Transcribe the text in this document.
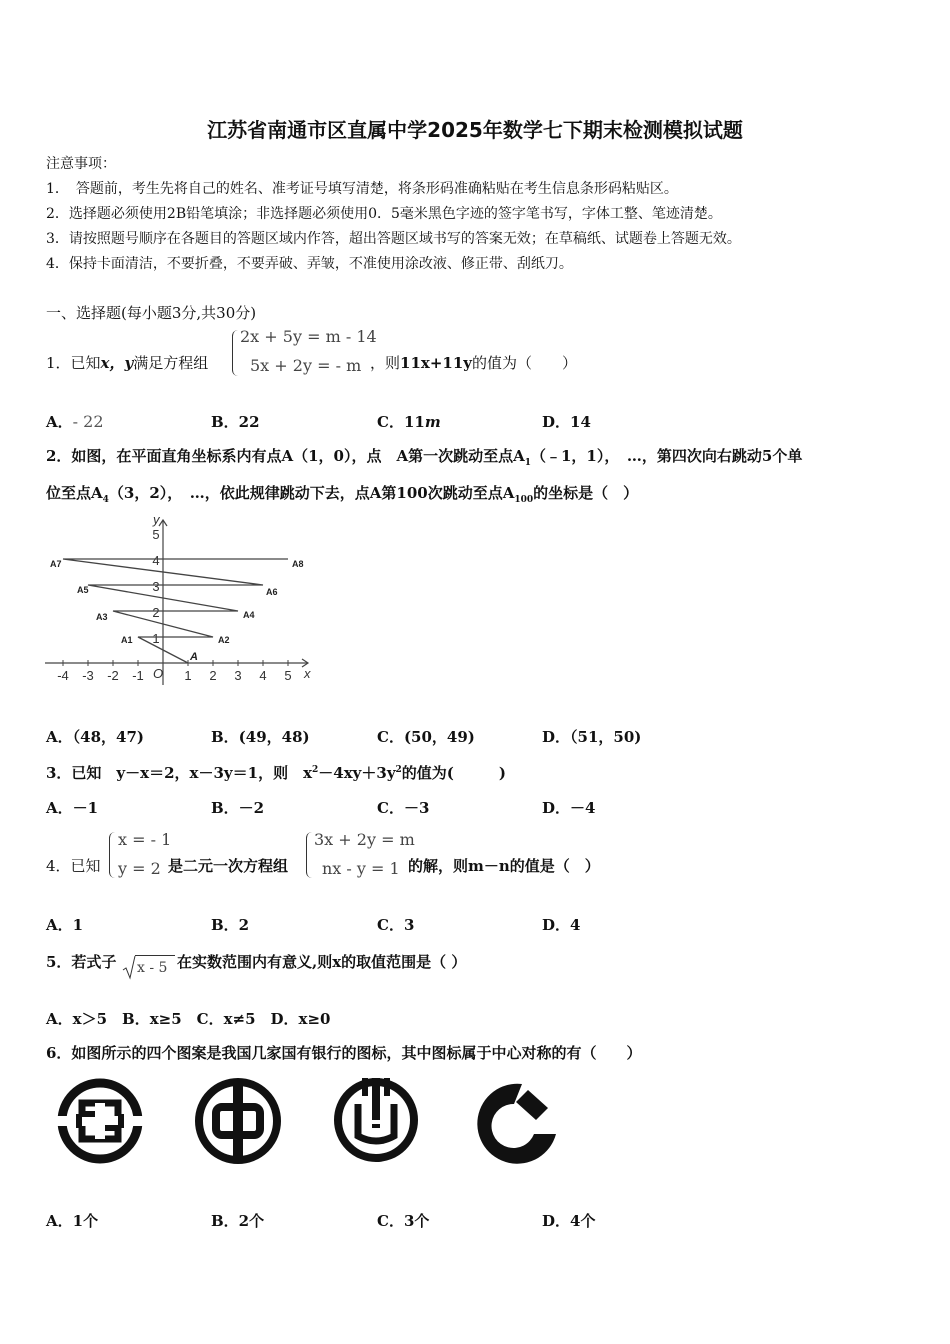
江苏省南通市区直属中学2025年数学七下期末检测模拟试题
注意事项：
1．　答题前，考生先将自己的姓名、准考证号填写清楚，将条形码准确粘贴在考生信息条形码粘贴区。
2．选择题必须使用2B铅笔填涂；非选择题必须使用0．5毫米黑色字迹的签字笔书写，字体工整、笔迹清楚。
3．请按照题号顺序在各题目的答题区域内作答，超出答题区域书写的答案无效；在草稿纸、试题卷上答题无效。
4．保持卡面清洁，不要折叠，不要弄破、弄皱，不准使用涂改液、修正带、刮纸刀。
一、选择题(每小题3分,共30分)
1．已知x，y满足方程组
2x + 5y = m - 14
5x + 2y = - m ，则11x+11y的值为（　　）
A．- 22	B．22	C．11m	D．14
2．如图，在平面直角坐标系内有点A（1，0），点　A第一次跳动至点$A_1(﹣1$，1），　…，第四次向右跳动5个单
位至点$A_4(3$，2），　…，依此规律跳动下去，点A第100次跳动至点$A_{100}$的坐标是（　）
-4 -3 -2 -1	1 2 3 4 5
1
2
3
4
5
O
y
x
A
A1	A2
A3	A4
A5	A6
A7	A8
A．（48，47)	B．(49，48)	C．(50，49)	D．（51，50)
3．已知　y－x＝2，x－3y＝1，则　$x^2-4xy+3y^2$的值为(　　　)
A．－1	B．－2	C．－3	D．－4
4．已知
x = - 1
y = 2 是二元一次方程组
3x + 2y = m
nx - y = 1 的解，则m－n的值是（　）
A．1	B．2	C．3	D．4
5．若式子 x - 5 在实数范围内有意义,则x的取值范围是（ ）
A．x＞5　B．x≥5　C．x≠5　D．x≥0
6．如图所示的四个图案是我国几家国有银行的图标，其中图标属于中心对称的有（　　）
A．1个	B．2个	C．3个	D．4个
